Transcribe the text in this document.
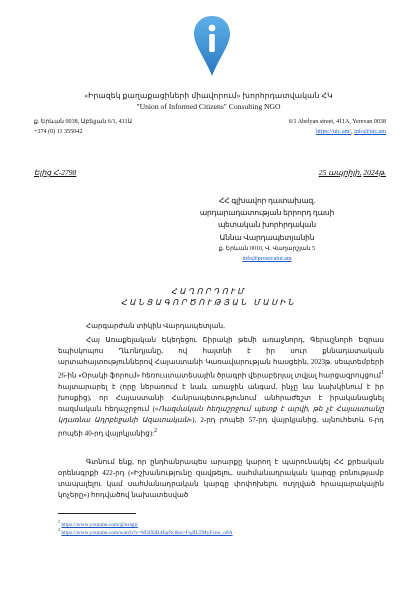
«Իրազեկ քաղաքացիների միավորում» խորհրդատվական ՀԿ
"Union of Informed Citizens" Consulting NGO
ք. Երևան 0038, Աբելյան 6/1, 411Ա
+374 (0) 11 355042
6/1 Abelyan street, 411A, Yerevan 0038
https://uic.am/, info@uic.am
Ելից Հ-2798	25 ապրիլի, 2024թ.
ՀՀ գլխավոր դատախազ,
արդարադատության երրորդ դասի
պետական խորհրդական
Աննա Վարդապետյանին
ք. Երևան 0010, Վ. Վաղարշյան 5
info@prosecutor.am
ՀԱՂՈՐԴՈՒՄ
ՀԱՆՑԱԳՈՐԾՈՒԹՅԱՆ ՄԱՍԻՆ
Հարգարժան տիկին Վարդապետյան,
Հայ Առաքելական Եկեղեցու Շիրակի թեմի առաջնորդ, Գերաշնորհ Եզրաս եպիսկոպոս Ղևոնդյանը, ով հայտնի է իր սուր քննադատական արտահայտություններով Հայաստանի Կառավարության հասցեին, 2023թ. սեպտեմբերի 26-ին «Օրակի ֆորում» հեռուստատեսային ծրագրի վերաբերյալ տվյալ հարցազրույցում$^1$ հայտարարել է (որը ներառում է նաև առաջին անգամ, ինչը նա նախկինում է իր խոսքից), որ Հայաստանի Հանրապետությունում անհրաժեշտ է իրականացնել ռազմական հեղաշրջում («Ռազմական հեղաշրջում պետք է արվի, թե չէ Հայաստանը կդառնա Ադրբեջանի Ազատական»), 2-րդ րոպեի 57-րդ վայրկյանից, այնուհետև 6-րդ րոպեի 40-րդ վայրկյանից):$^2$
Գտնում ենք, որ ընդհանրապես արարքը կարող է պարունակել ՀՀ քրեական օրենսգրքի 422-րդ («Իշխանությունը զավթելու, սահմանադրական կարգը բռնությամբ տապալելու կամ սահմանադրական կարգը փոփոխելու ուղղված հրապարակային կոչերը») հոդվածով նախատեսված
$^1$ https://www.youtube.com/@oragir
$^2$ https://www.youtube.com/watch?v=M3lXlB4EpNc&si=FqJILTMyFcnu_o8A
